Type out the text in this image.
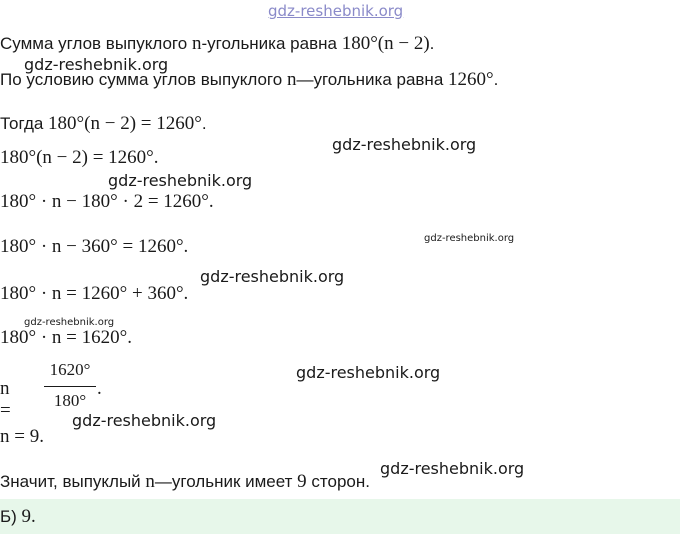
gdz-reshebnik.org
gdz-reshebnik.org
gdz-reshebnik.org
gdz-reshebnik.org
gdz-reshebnik.org
gdz-reshebnik.org
gdz-reshebnik.org
gdz-reshebnik.org
gdz-reshebnik.org
gdz-reshebnik.org
Сумма углов выпуклого n-угольника равна 180°(n − 2).
По условию сумма углов выпуклого n—угольника равна 1260°.
Тогда 180°(n − 2) = 1260°.
180°(n − 2) = 1260°.
180° · n − 180° · 2 = 1260°.
180° · n − 360° = 1260°.
180° · n = 1260° + 360°.
180° · n = 1620°.
n =
1620°
180°
.
n = 9.
Значит, выпуклый n—угольник имеет 9 сторон.
Б) 9.
